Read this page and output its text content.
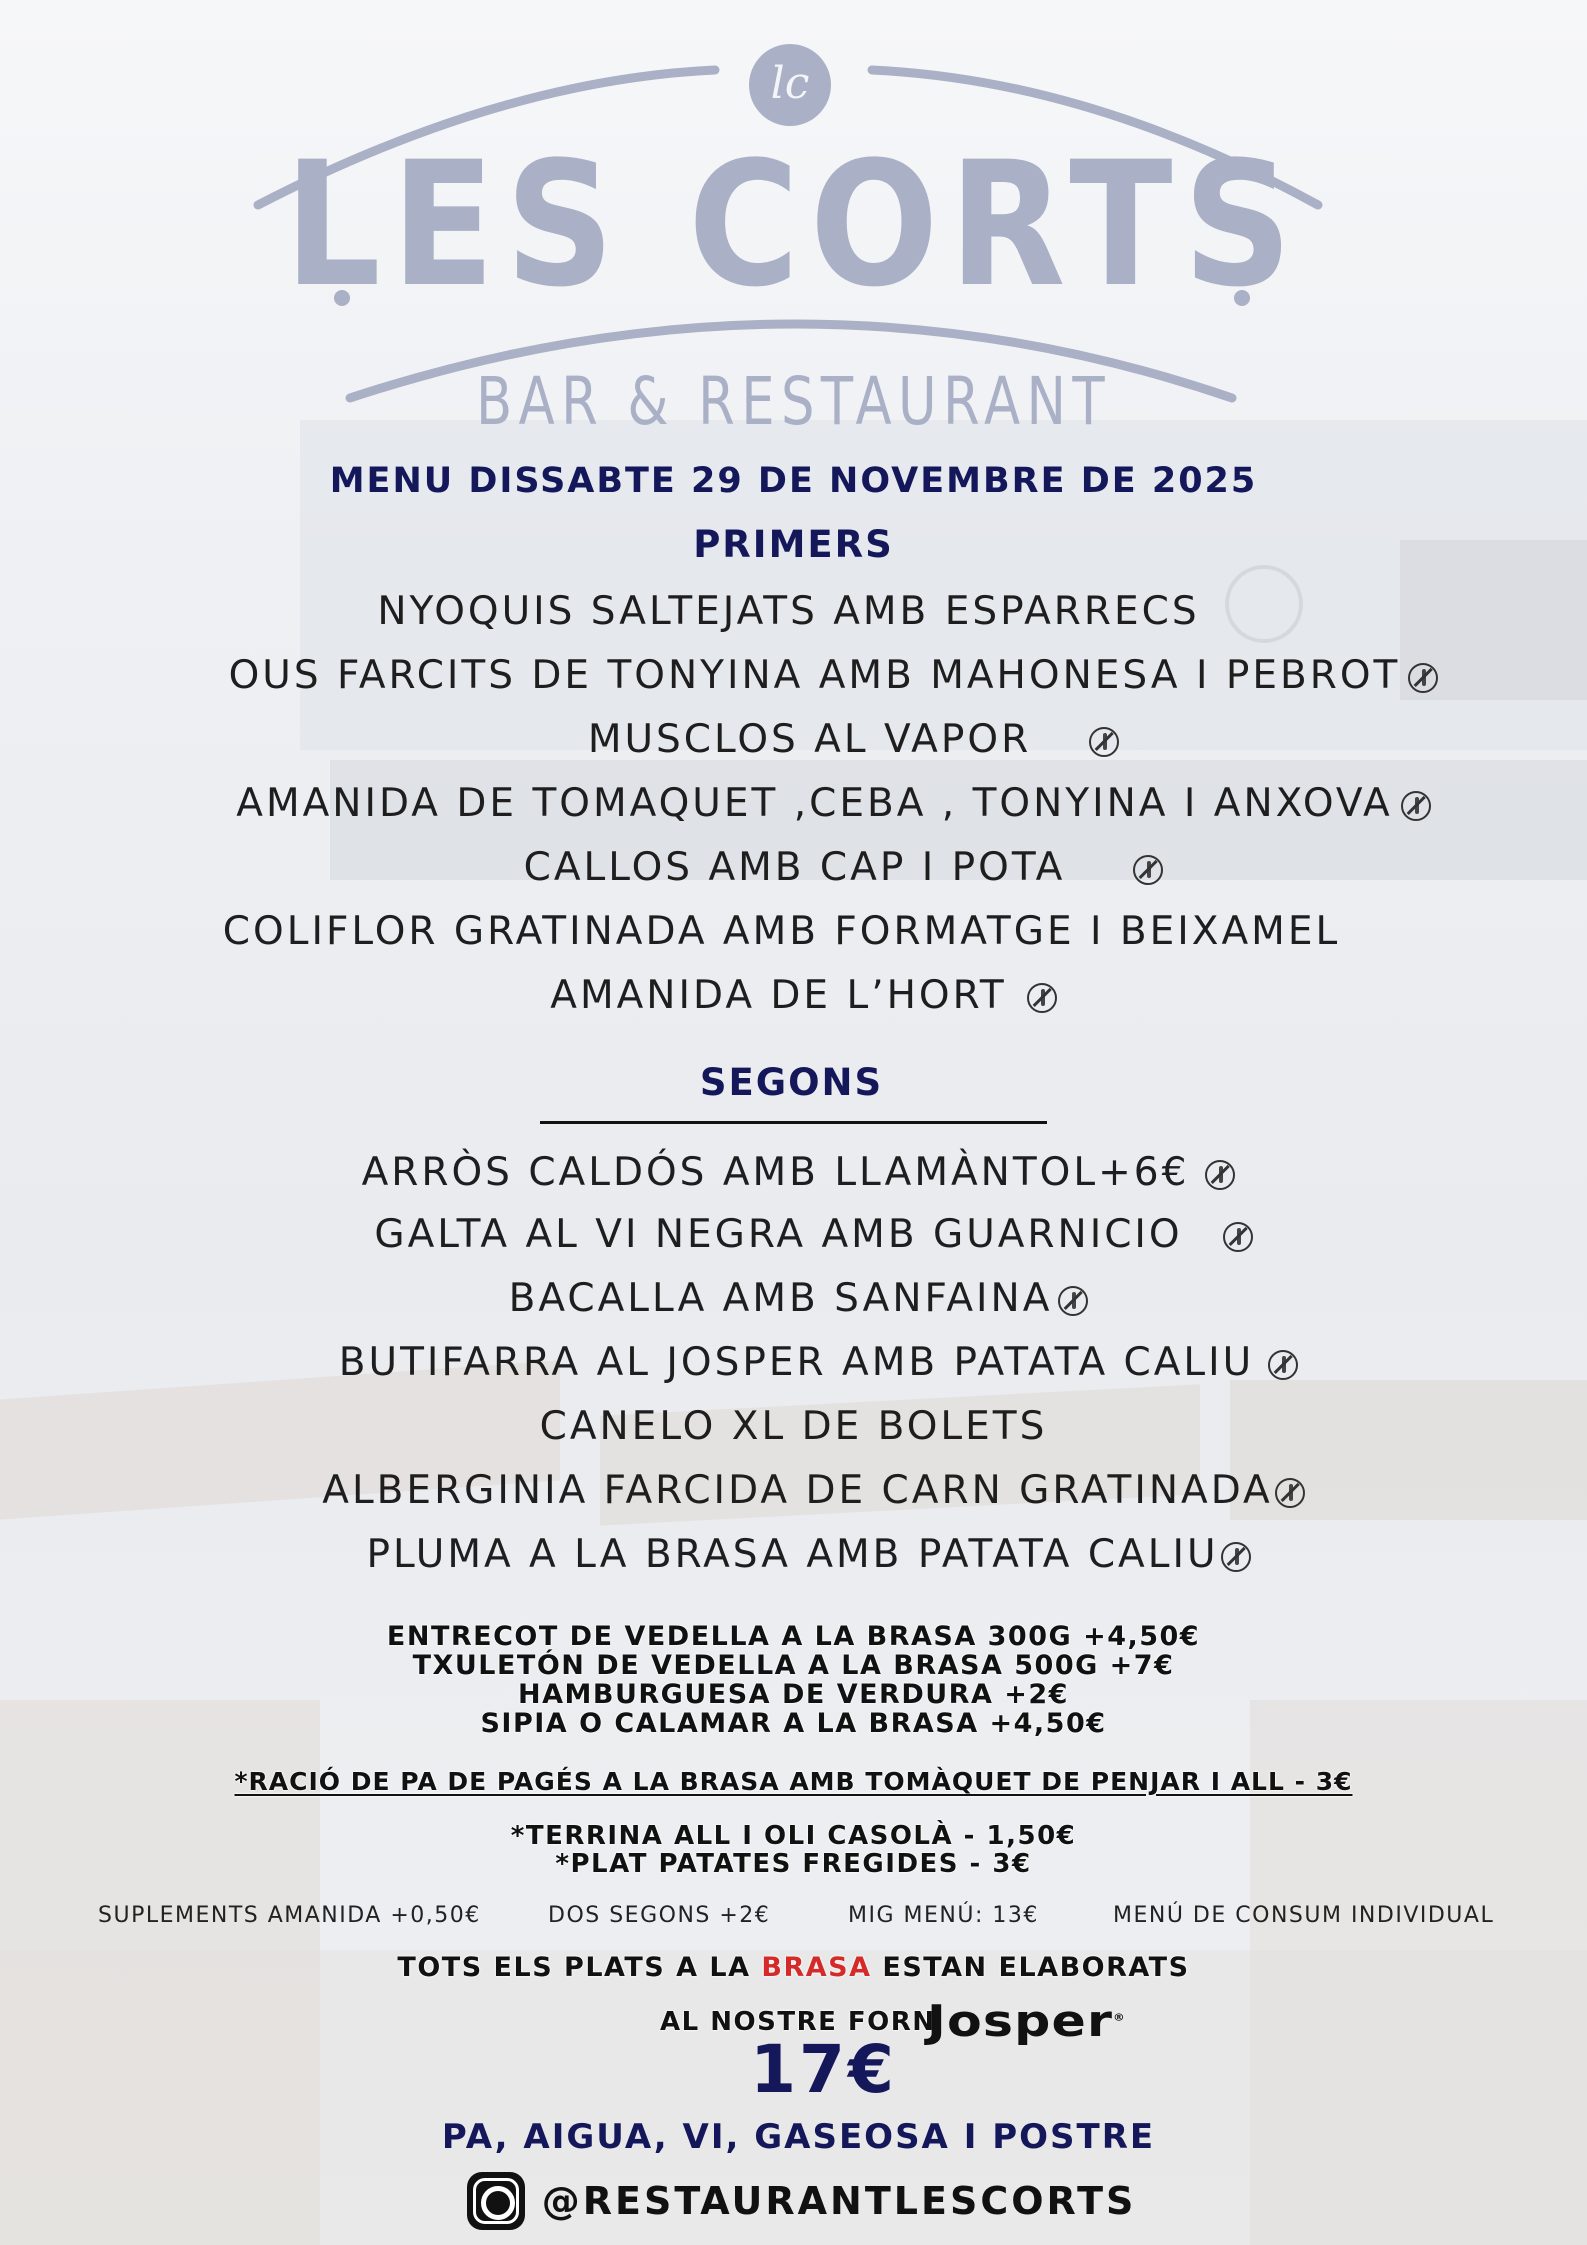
lc
LES CORTS
BAR & RESTAURANT
MENU DISSABTE 29 DE NOVEMBRE DE 2025
PRIMERS
NYOQUIS SALTEJATS AMB ESPARRECS
OUS FARCITS DE TONYINA AMB MAHONESA I PEBROT
MUSCLOS AL VAPOR
AMANIDA DE TOMAQUET ,CEBA , TONYINA I ANXOVA
CALLOS AMB CAP I POTA
COLIFLOR GRATINADA AMB FORMATGE I BEIXAMEL
AMANIDA DE L’HORT
SEGONS
ARRÒS CALDÓS AMB LLAMÀNTOL+6€
GALTA AL VI NEGRA AMB GUARNICIO
BACALLA AMB SANFAINA
BUTIFARRA AL JOSPER AMB PATATA CALIU
CANELO XL DE BOLETS
ALBERGINIA FARCIDA DE CARN GRATINADA
PLUMA A LA BRASA AMB PATATA CALIU
ENTRECOT DE VEDELLA A LA BRASA 300G +4,50€
TXULETÓN DE VEDELLA A LA BRASA 500G +7€
HAMBURGUESA DE VERDURA +2€
SIPIA O CALAMAR A LA BRASA +4,50€
*RACIÓ DE PA DE PAGÉS A LA BRASA AMB TOMÀQUET DE PENJAR I ALL - 3€
*TERRINA ALL I OLI CASOLÀ - 1,50€
*PLAT PATATES FREGIDES - 3€
SUPLEMENTS AMANIDA +0,50€	DOS SEGONS +2€	MIG MENÚ: 13€	MENÚ DE CONSUM INDIVIDUAL
TOTS ELS PLATS A LA BRASA ESTAN ELABORATS
AL NOSTRE FORN
Josper®
17€
PA, AIGUA, VI, GASEOSA I POSTRE
@RESTAURANTLESCORTS
